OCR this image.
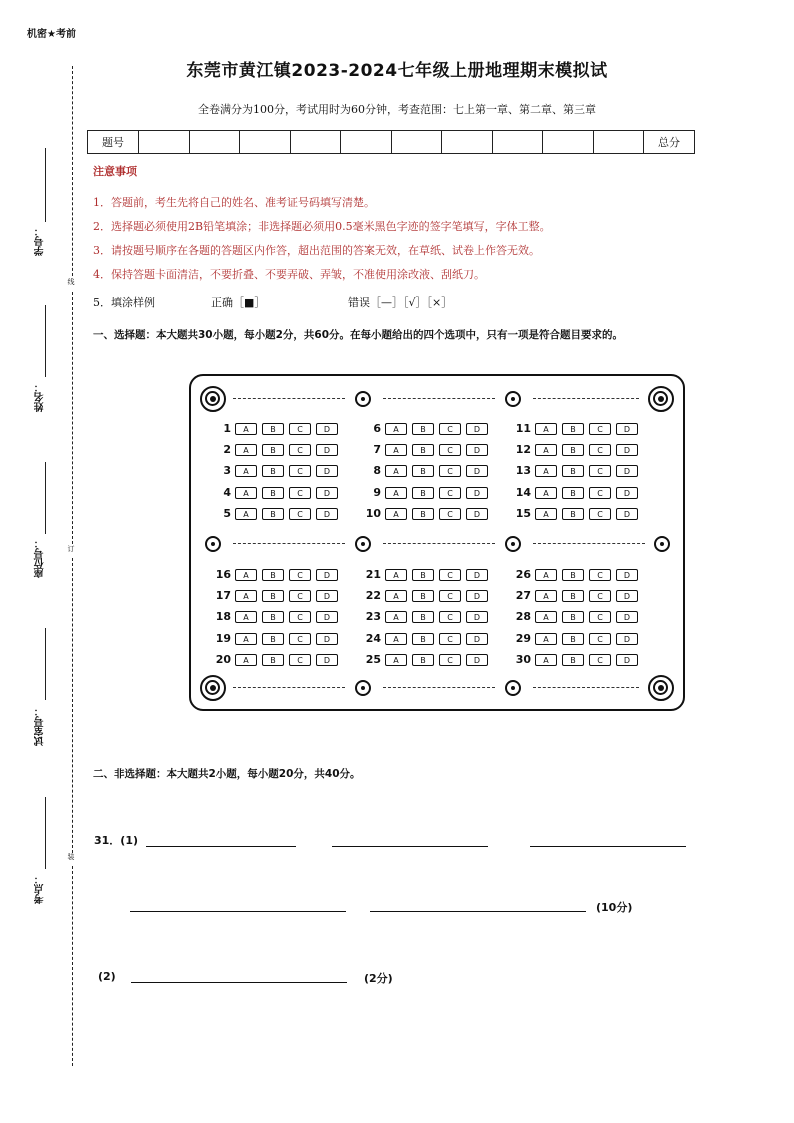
机密★考前
东莞市黄江镇2023-2024七年级上册地理期末模拟试
全卷满分为100分，考试用时为60分钟，考查范围：七上第一章、第二章、第三章
线
订
装
学号：
姓名：
座位号：
试室号：
考点：
题号											总分
注意事项
1．答题前，考生先将自己的姓名、准考证号码填写清楚。
2．选择题必须使用2B铅笔填涂；非选择题必须用0.5毫米黑色字迹的签字笔填写，字体工整。
3．请按题号顺序在各题的答题区内作答，超出范围的答案无效，在草纸、试卷上作答无效。
4．保持答题卡面清洁，不要折叠、不要弄破、弄皱，不准使用涂改液、刮纸刀。
5．填涂样例	正确［■］	错误［—］［√］［×］
一、选择题：本大题共30小题，每小题2分，共60分。在每小题给出的四个选项中，只有一项是符合题目要求的。
1	A	B	C	D
2	A	B	C	D
3	A	B	C	D
4	A	B	C	D
5	A	B	C	D
6	A	B	C	D
7	A	B	C	D
8	A	B	C	D
9	A	B	C	D
10	A	B	C	D
11	A	B	C	D
12	A	B	C	D
13	A	B	C	D
14	A	B	C	D
15	A	B	C	D
16	A	B	C	D
17	A	B	C	D
18	A	B	C	D
19	A	B	C	D
20	A	B	C	D
21	A	B	C	D
22	A	B	C	D
23	A	B	C	D
24	A	B	C	D
25	A	B	C	D
26	A	B	C	D
27	A	B	C	D
28	A	B	C	D
29	A	B	C	D
30	A	B	C	D
二、非选择题：本大题共2小题，每小题20分，共40分。
31．(1)
(10分)
(2)	(2分)
